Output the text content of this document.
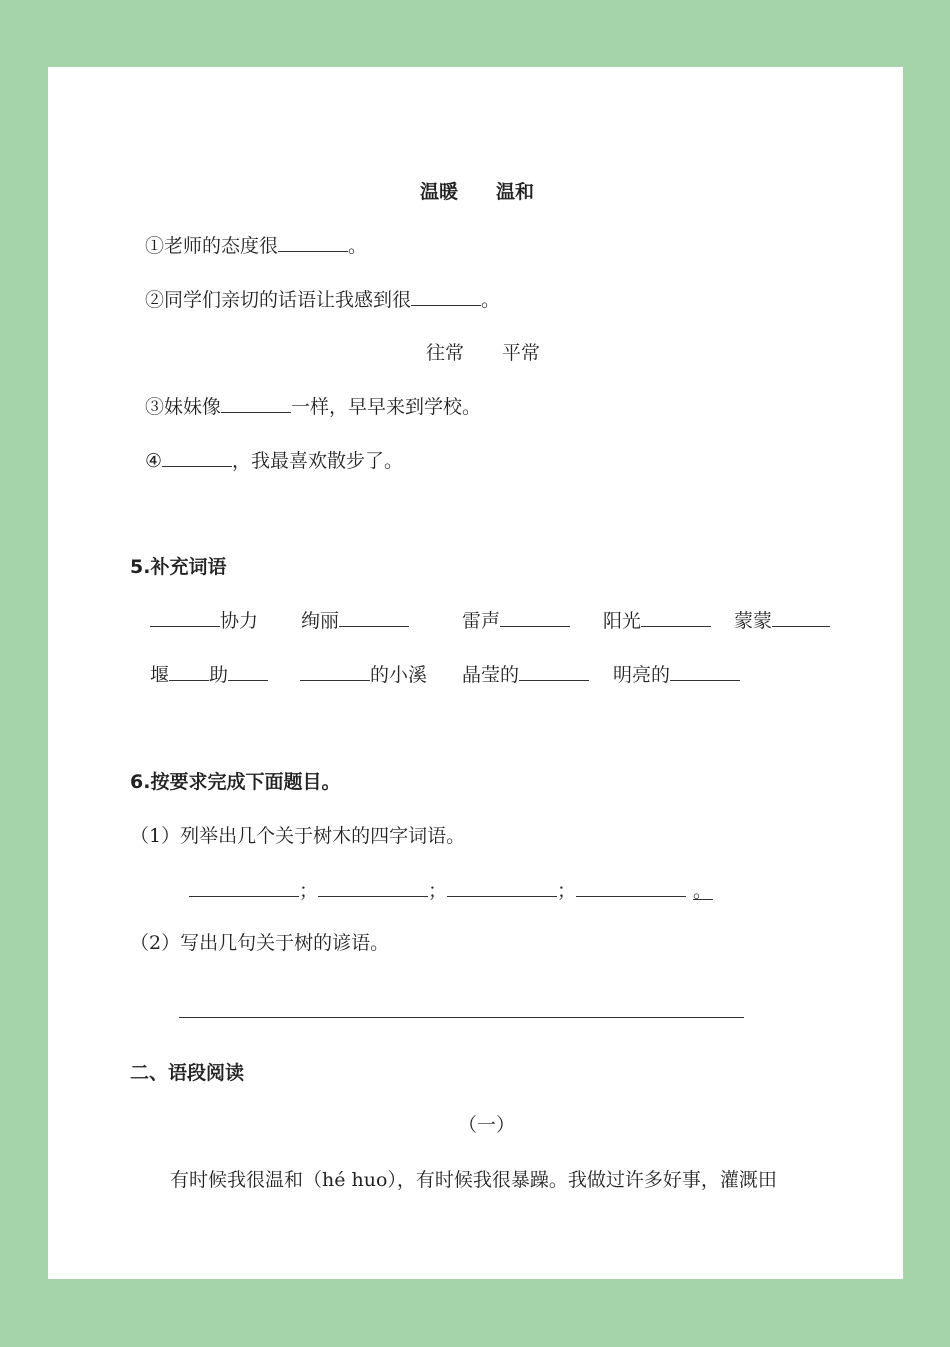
温暖　　温和
①老师的态度很	。
②同学们亲切的话语让我感到很	。
往常　　平常
③妹妹像	一样，早早来到学校。
④	，我最喜欢散步了。
5.补充词语
协力 绚丽	雷声	阳光	蒙蒙
堰 助	的小溪 晶莹的	明亮的
6.按要求完成下面题目。
（1）列举出几个关于树木的四字词语。
；	；	；	。
（2）写出几句关于树的谚语。
二、语段阅读
（一）
有时候我很温和（hé huo），有时候我很暴躁。我做过许多好事，灌溉田
